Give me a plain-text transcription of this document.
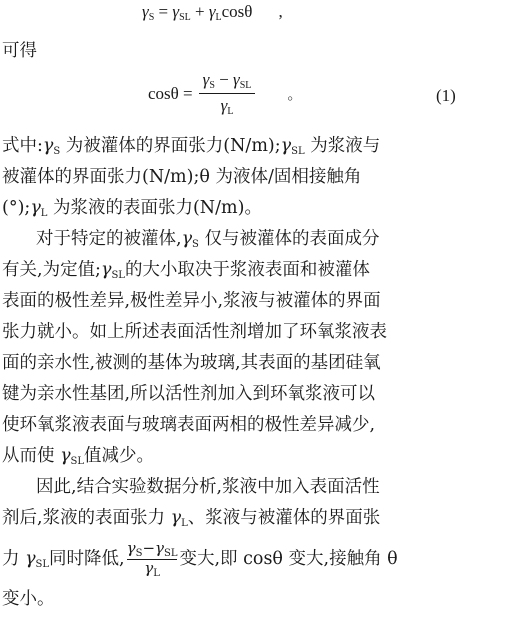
$\gamma_S = \gamma_{SL} + \gamma_L\cos\theta$ ,
可得
$\cos\theta = \frac{\gamma_S - \gamma_{SL}}{\gamma_L}$ 。	(1)
式中$:\gamma_S$ 为被灌体的界面张力$(N/m);\gamma_{SL}$ 为浆液与
被灌体的界面张力(N/m);θ 为液体/固相接触角
$(^\circ);\gamma_L$ 为浆液的表面张力(N/m)。
对于特定的被灌体$,\gamma_S$ 仅与被灌体的表面成分
有关,为定值$;\gamma_{SL}$的大小取决于浆液表面和被灌体
表面的极性差异,极性差异小,浆液与被灌体的界面
张力就小。如上所述表面活性剂增加了环氧浆液表
面的亲水性,被测的基体为玻璃,其表面的基团硅氧
键为亲水性基团,所以活性剂加入到环氧浆液可以
使环氧浆液表面与玻璃表面两相的极性差异减少,
从而使 $\gamma_{SL}$值减少。
因此,结合实验数据分析,浆液中加入表面活性
剂后,浆液的表面张力 $\gamma_L$、浆液与被灌体的界面张
力 $\gamma_{SL}$同时降低, $\frac{\gamma_S-\gamma_{SL}}{\gamma_L}$ 变大,即 cosθ 变大,接触角 θ
变小。
